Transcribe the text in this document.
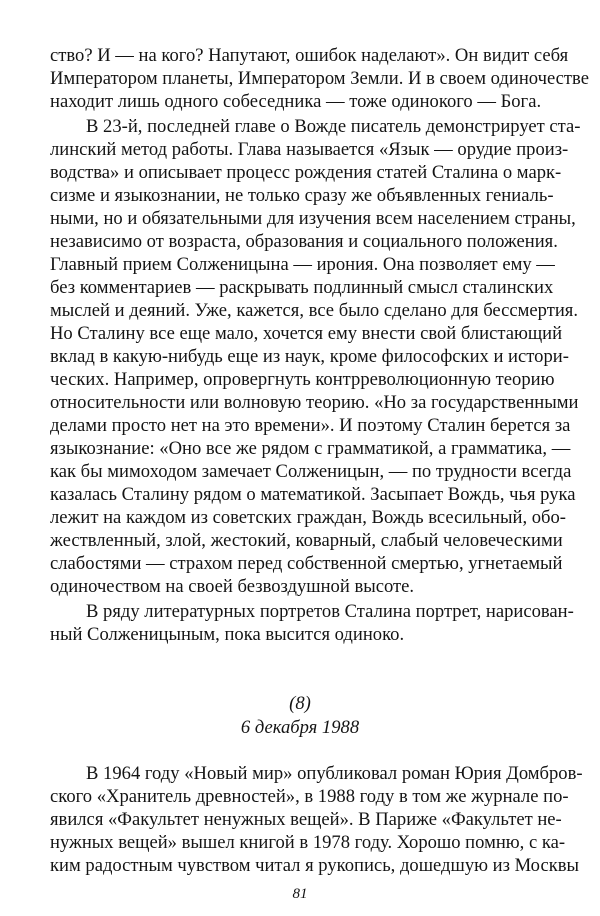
ство? И — на кого? Напутают, ошибок наделают». Он видит себя
Императором планеты, Императором Земли. И в своем одиночестве
находит лишь одного собеседника — тоже одинокого — Бога.
В 23-й, последней главе о Вожде писатель демонстрирует ста-
линский метод работы. Глава называется «Язык — орудие произ-
водства» и описывает процесс рождения статей Сталина о марк-
сизме и языкознании, не только сразу же объявленных гениаль-
ными, но и обязательными для изучения всем населением страны,
независимо от возраста, образования и социального положения.
Главный прием Солженицына — ирония. Она позволяет ему —
без комментариев — раскрывать подлинный смысл сталинских
мыслей и деяний. Уже, кажется, все было сделано для бессмертия.
Но Сталину все еще мало, хочется ему внести свой блистающий
вклад в какую-нибудь еще из наук, кроме философских и истори-
ческих. Например, опровергнуть контрреволюционную теорию
относительности или волновую теорию. «Но за государственными
делами просто нет на это времени». И поэтому Сталин берется за
языкознание: «Оно все же рядом с грамматикой, а грамматика, —
как бы мимоходом замечает Солженицын, — по трудности всегда
казалась Сталину рядом о математикой. Засыпает Вождь, чья рука
лежит на каждом из советских граждан, Вождь всесильный, обо-
жествленный, злой, жестокий, коварный, слабый человеческими
слабостями — страхом перед собственной смертью, угнетаемый
одиночеством на своей безвоздушной высоте.
В ряду литературных портретов Сталина портрет, нарисован-
ный Солженицыным, пока высится одиноко.
(8)
6 декабря 1988
В 1964 году «Новый мир» опубликовал роман Юрия Домбров-
ского «Хранитель древностей», в 1988 году в том же журнале по-
явился «Факультет ненужных вещей». В Париже «Факультет не-
нужных вещей» вышел книгой в 1978 году. Хорошо помню, с ка-
ким радостным чувством читал я рукопись, дошедшую из Москвы
81
